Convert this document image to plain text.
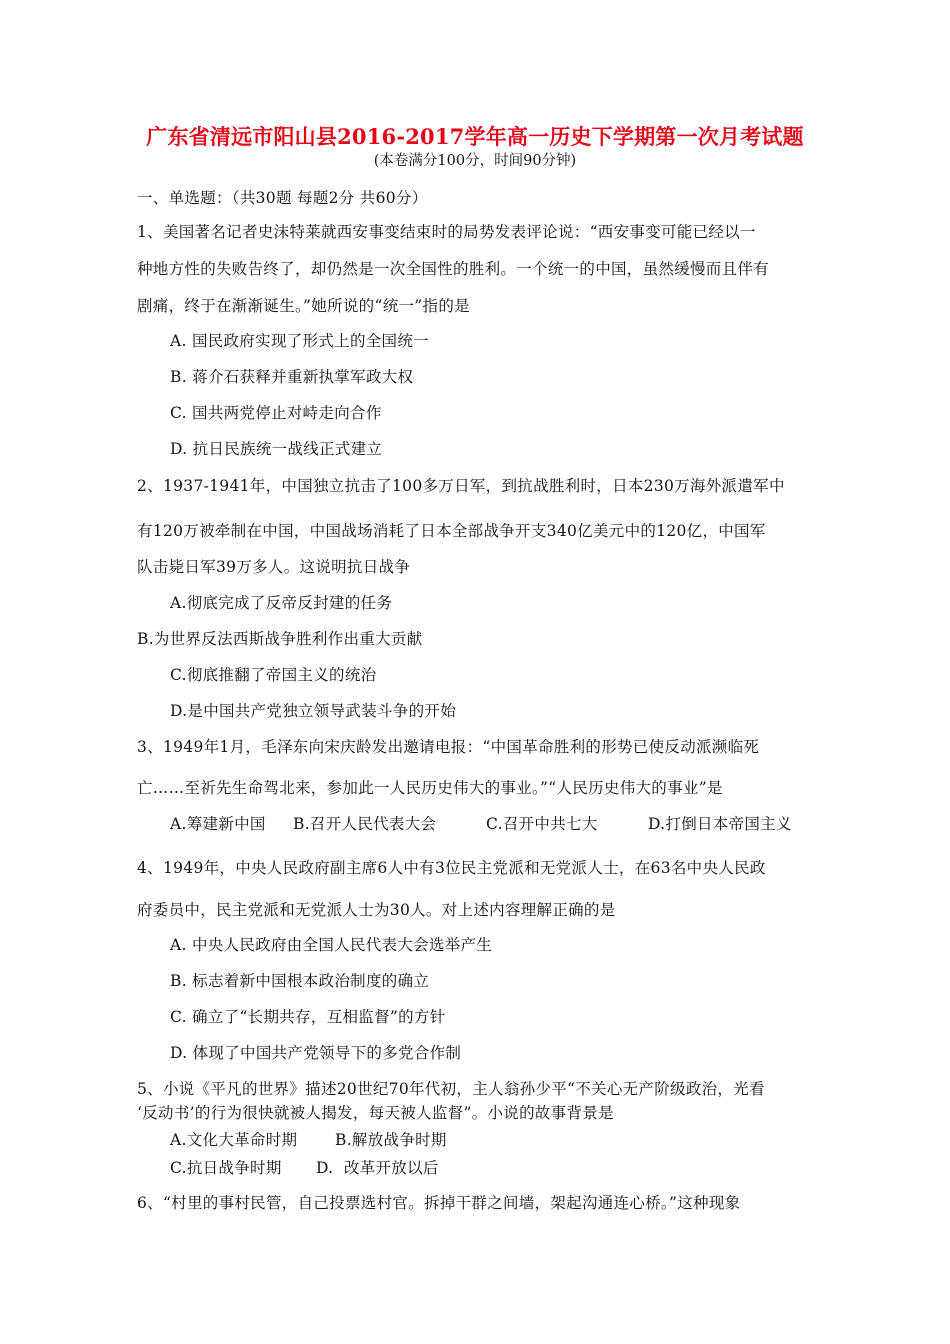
广东省清远市阳山县2016-2017学年高一历史下学期第一次月考试题
(本卷满分100分，时间90分钟)
一、单选题：（共30题 每题2分 共60分）
1、美国著名记者史沫特莱就西安事变结束时的局势发表评论说：“西安事变可能已经以一
种地方性的失败告终了，却仍然是一次全国性的胜利。一个统一的中国，虽然缓慢而且伴有
剧痛，终于在渐渐诞生。”她所说的“统一”指的是
A. 国民政府实现了形式上的全国统一
B. 蒋介石获释并重新执掌军政大权
C. 国共两党停止对峙走向合作
D. 抗日民族统一战线正式建立
2、1937-1941年，中国独立抗击了100多万日军，到抗战胜利时，日本230万海外派遣军中
有120万被牵制在中国，中国战场消耗了日本全部战争开支340亿美元中的120亿，中国军
队击毙日军39万多人。这说明抗日战争
A.彻底完成了反帝反封建的任务
B.为世界反法西斯战争胜利作出重大贡献
C.彻底推翻了帝国主义的统治
D.是中国共产党独立领导武装斗争的开始
3、1949年1月，毛泽东向宋庆龄发出邀请电报：“中国革命胜利的形势已使反动派濒临死
亡……至祈先生命驾北来，参加此一人民历史伟大的事业。”“人民历史伟大的事业”是
A.筹建新中国 B.召开人民代表大会	C.召开中共七大	D.打倒日本帝国主义
4、1949年，中央人民政府副主席6人中有3位民主党派和无党派人士，在63名中央人民政
府委员中，民主党派和无党派人士为30人。对上述内容理解正确的是
A. 中央人民政府由全国人民代表大会选举产生
B. 标志着新中国根本政治制度的确立
C. 确立了“长期共存，互相监督”的方针
D. 体现了中国共产党领导下的多党合作制
5、小说《平凡的世界》描述20世纪70年代初，主人翁孙少平“不关心无产阶级政治，光看
‘反动书’的行为很快就被人揭发，每天被人监督”。小说的故事背景是
A.文化大革命时期 B.解放战争时期
C.抗日战争时期 D.  改革开放以后
6、“村里的事村民管，自己投票选村官。拆掉干群之间墙，架起沟通连心桥。”这种现象
